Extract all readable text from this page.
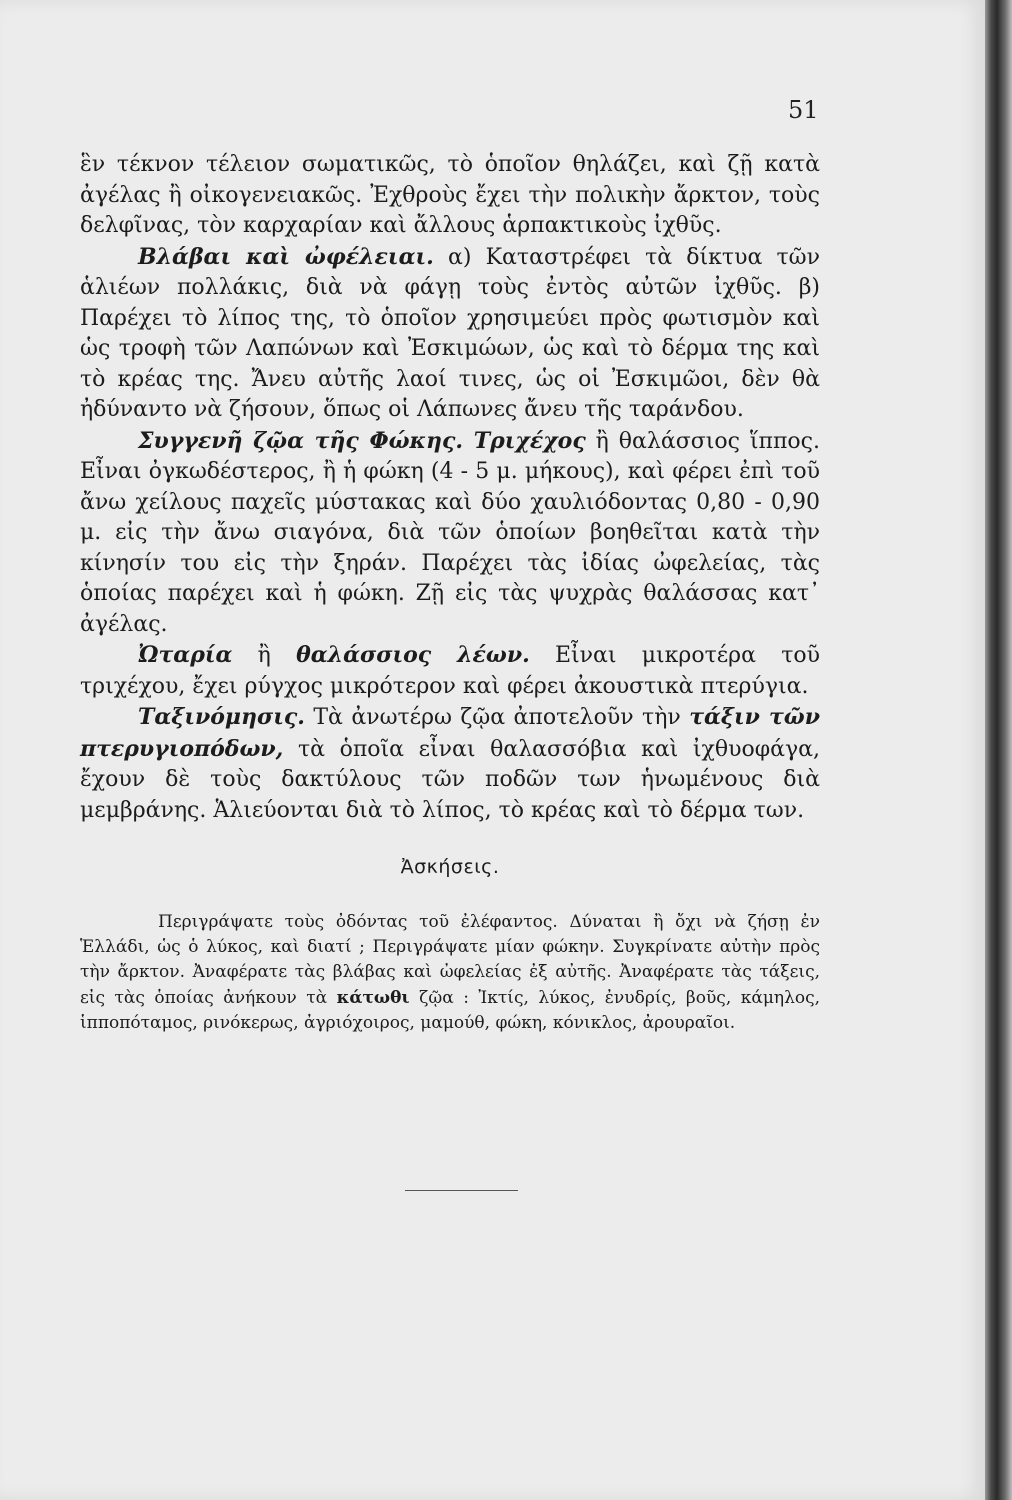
51

ἓν τέκνον τέλειον σωματικῶς, τὸ ὁποῖον θηλάζει, καὶ ζῇ κατὰ ἀγέλας ἢ οἰκογενειακῶς. Ἐχθροὺς ἔχει τὴν πολικὴν ἄρκτον, τοὺς δελφῖνας, τὸν καρχαρίαν καὶ ἄλλους ἁρπακτικοὺς ἰχθῦς.

Βλάβαι καὶ ὠφέλειαι. α) Καταστρέφει τὰ δίκτυα τῶν ἁλιέων πολλάκις, διὰ νὰ φάγῃ τοὺς ἐντὸς αὐτῶν ἰχθῦς. β) Παρέχει τὸ λίπος της, τὸ ὁποῖον χρησιμεύει πρὸς φωτισμὸν καὶ ὡς τροφὴ τῶν Λαπώνων καὶ Ἐσκιμώων, ὡς καὶ τὸ δέρμα της καὶ τὸ κρέας της. Ἄνευ αὐτῆς λαοί τινες, ὡς οἱ Ἐσκιμῶοι, δὲν θὰ ἠδύναντο νὰ ζήσουν, ὅπως οἱ Λάπωνες ἄνευ τῆς ταράνδου.

Συγγενῆ ζῷα τῆς Φώκης. Τριχέχος ἢ θαλάσσιος ἵππος. Εἶναι ὀγκωδέστερος, ἢ ἡ φώκη (4 - 5 μ. μήκους), καὶ φέρει ἐπὶ τοῦ ἄνω χείλους παχεῖς μύστακας καὶ δύο χαυλιόδοντας 0,80 - 0,90 μ. εἰς τὴν ἄνω σιαγόνα, διὰ τῶν ὁποίων βοηθεῖται κατὰ τὴν κίνησίν του εἰς τὴν ξηράν. Παρέχει τὰς ἰδίας ὠφελείας, τὰς ὁποίας παρέχει καὶ ἡ φώκη. Ζῇ εἰς τὰς ψυχρὰς θαλάσσας κατ᾽ ἀγέλας.

Ὠταρία ἢ θαλάσσιος λέων. Εἶναι μικροτέρα τοῦ τριχέχου, ἔχει ρύγχος μικρότερον καὶ φέρει ἀκουστικὰ πτερύγια.

Ταξινόμησις. Τὰ ἀνωτέρω ζῷα ἀποτελοῦν τὴν τάξιν τῶν πτερυγιοπόδων, τὰ ὁποῖα εἶναι θαλασσόβια καὶ ἰχθυοφάγα, ἔχουν δὲ τοὺς δακτύλους τῶν ποδῶν των ἡνωμένους διὰ μεμβράνης. Ἁλιεύονται διὰ τὸ λίπος, τὸ κρέας καὶ τὸ δέρμα των.

Ἀσκήσεις.

Περιγράψατε τοὺς ὀδόντας τοῦ ἐλέφαντος. Δύναται ἢ ὄχι νὰ ζήσῃ ἐν Ἑλλάδι, ὡς ὁ λύκος, καὶ διατί ; Περιγράψατε μίαν φώκην. Συγκρίνατε αὐτὴν πρὸς τὴν ἄρκτον. Ἀναφέρατε τὰς βλάβας καὶ ὠφελείας ἐξ αὐτῆς. Ἀναφέρατε τὰς τάξεις, εἰς τὰς ὁποίας ἀνήκουν τὰ κάτωθι ζῷα : Ἰκτίς, λύκος, ἐνυδρίς, βοῦς, κάμηλος, ἱπποπόταμος, ρινόκερως, ἀγριόχοιρος, μαμούθ, φώκη, κόνικλος, ἀρουραῖοι.
